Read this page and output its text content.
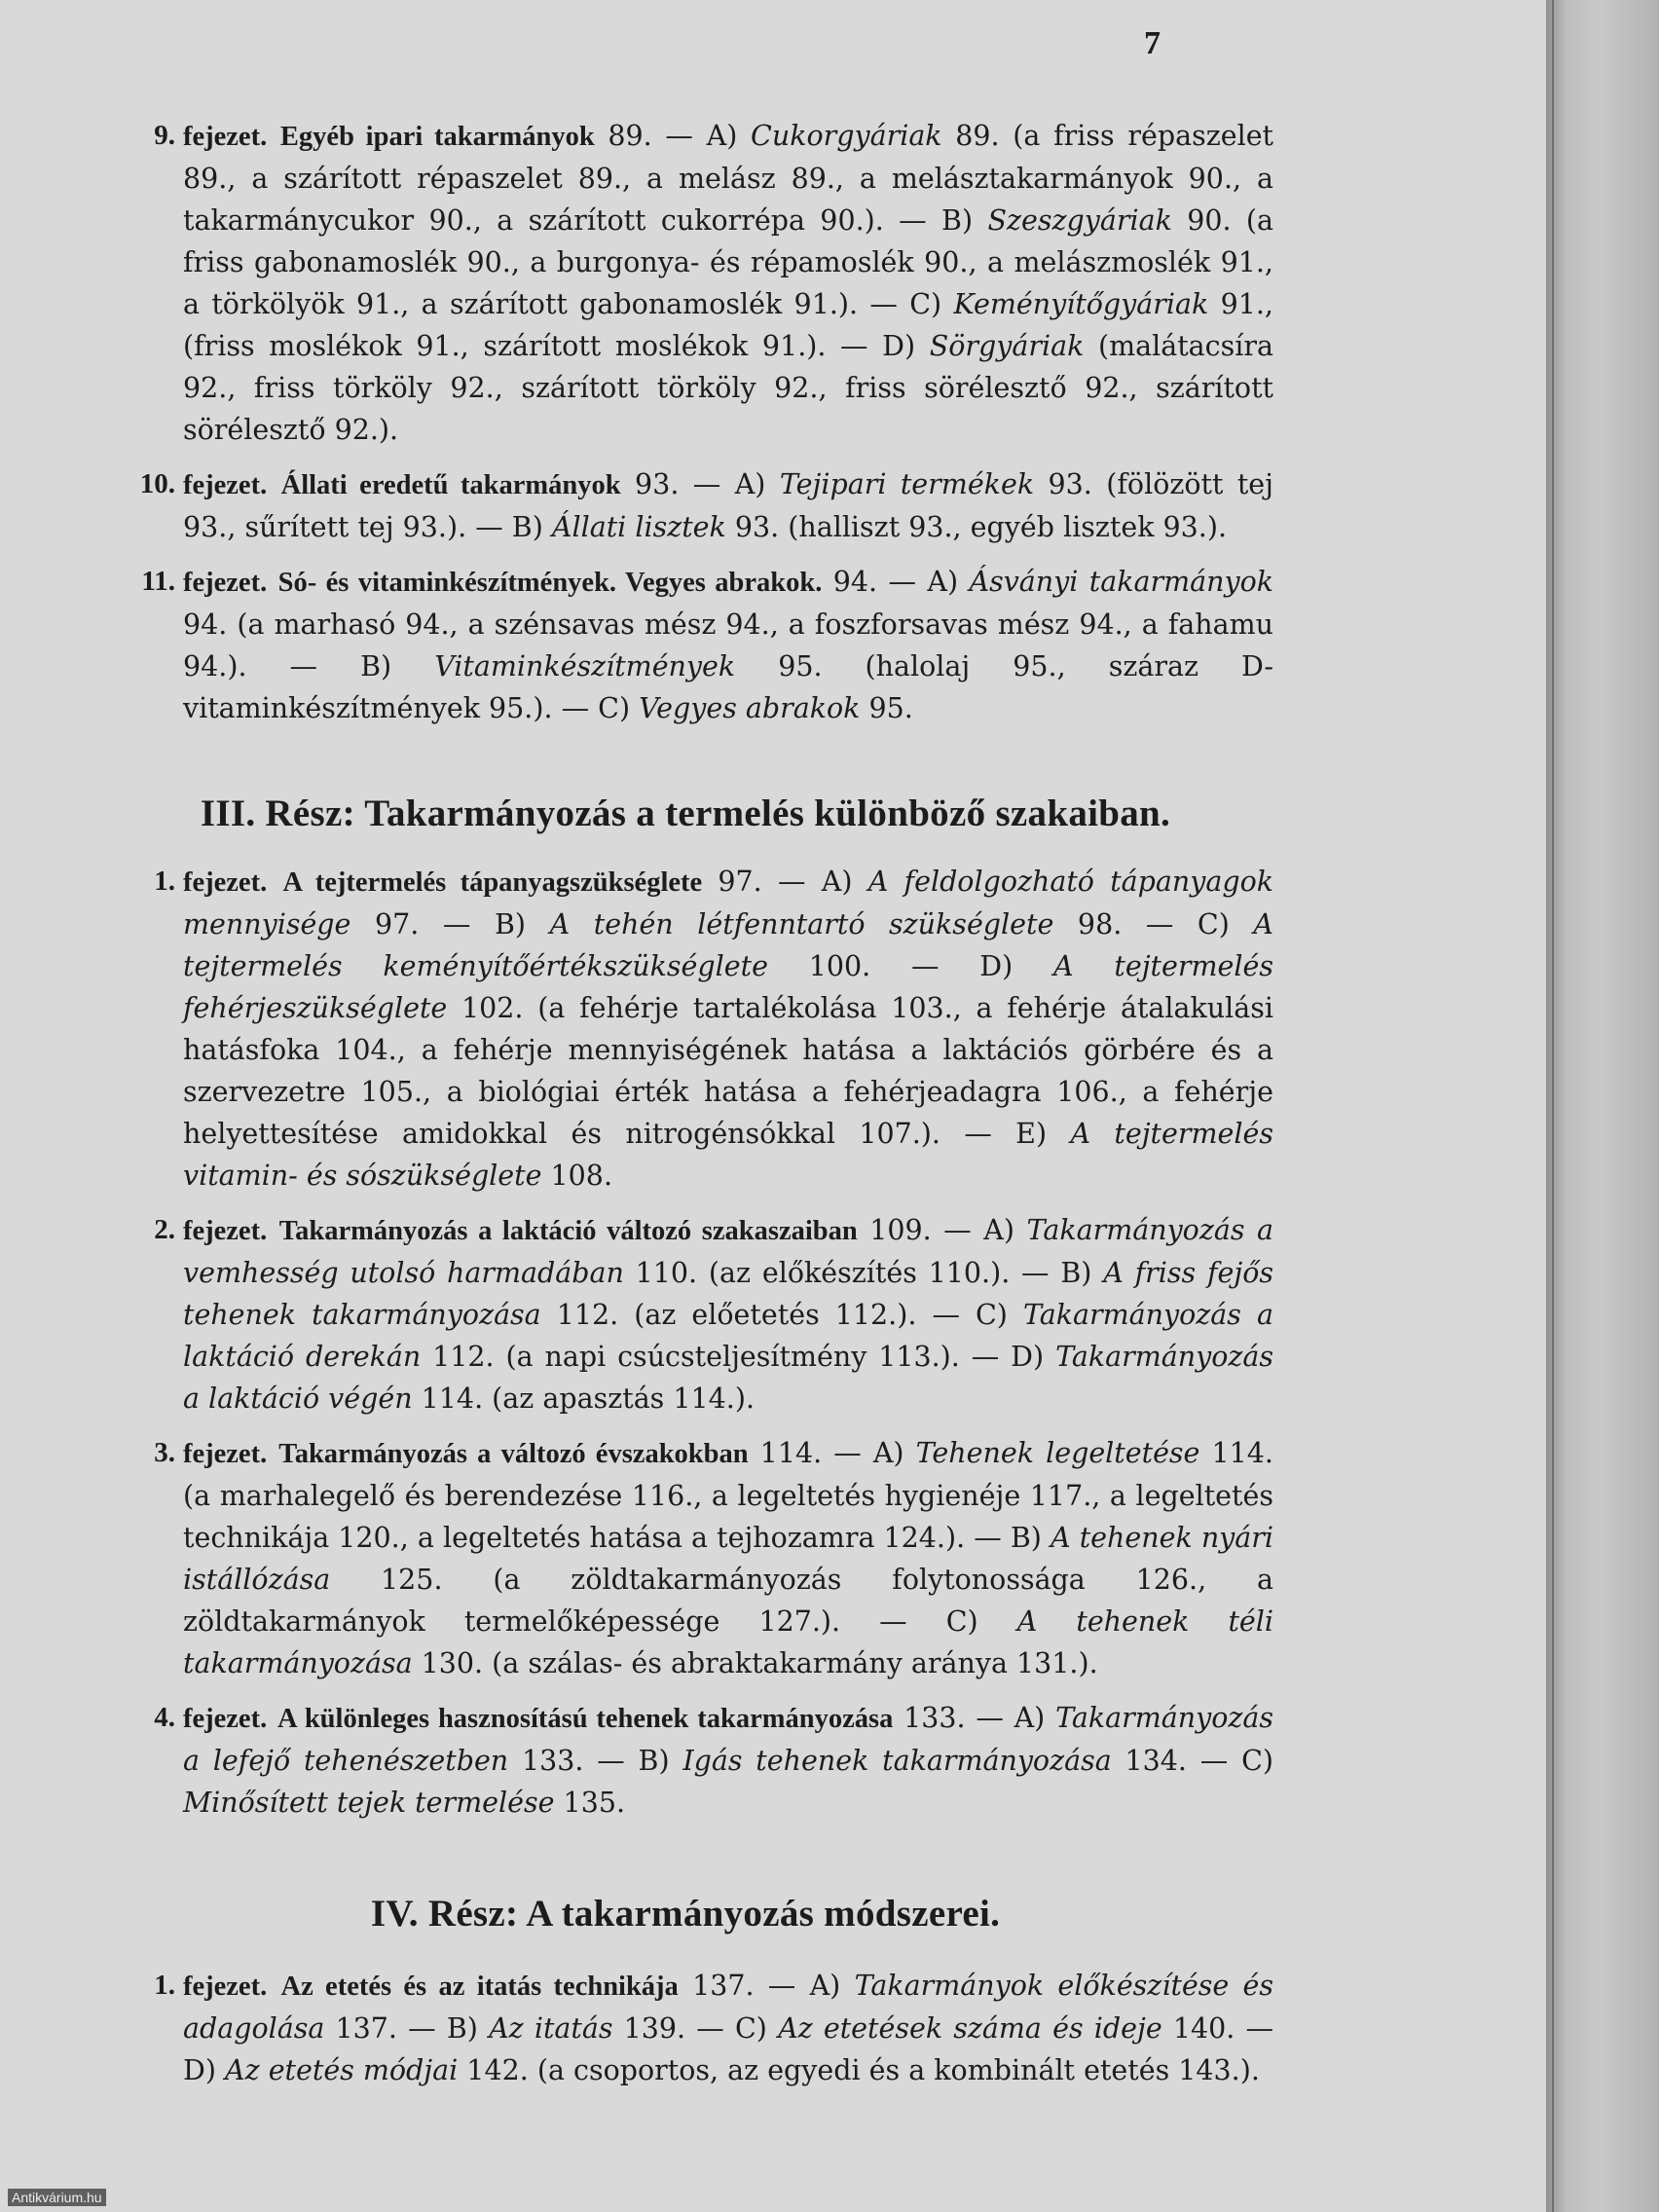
7
9. fejezet. Egyéb ipari takarmányok 89. — A) Cukorgyáriak 89. (a friss répaszelet 89., a szárított répaszelet 89., a melász 89., a melásztakarmányok 90., a takarmánycukor 90., a szárított cukorrépa 90.). — B) Szeszgyáriak 90. (a friss gabonamoslék 90., a burgonya- és répamoslék 90., a melászmoslék 91., a törkölyök 91., a szárított gabonamoslék 91.). — C) Keményítőgyáriak 91., (friss moslékok 91., szárított moslékok 91.). — D) Sörgyáriak (malátacsíra 92., friss törköly 92., szárított törköly 92., friss sörélesztő 92., szárított sörélesztő 92.).
10. fejezet. Állati eredetű takarmányok 93. — A) Tejipari termékek 93. (fölözött tej 93., sűrített tej 93.). — B) Állati lisztek 93. (halliszt 93., egyéb lisztek 93.).
11. fejezet. Só- és vitaminkészítmények. Vegyes abrakok. 94. — A) Ásványi takarmányok 94. (a marhasó 94., a szénsavas mész 94., a foszforsavas mész 94., a fahamu 94.). — B) Vitaminkészítmények 95. (halolaj 95., száraz D-vitaminkészítmények 95.). — C) Vegyes abrakok 95.
III. Rész: Takarmányozás a termelés különböző szakaiban.
1. fejezet. A tejtermelés tápanyagszükséglete 97. — A) A feldolgozható tápanyagok mennyisége 97. — B) A tehén létfenntartó szükséglete 98. — C) A tejtermelés keményítőértékszükséglete 100. — D) A tejtermelés fehérjeszükséglete 102. (a fehérje tartalékolása 103., a fehérje átalakulási hatásfoka 104., a fehérje mennyiségének hatása a laktációs görbére és a szervezetre 105., a biológiai érték hatása a fehérjeadagra 106., a fehérje helyettesítése amidokkal és nitrogénsókkal 107.). — E) A tejtermelés vitamin- és sószükséglete 108.
2. fejezet. Takarmányozás a laktáció változó szakaszaiban 109. — A) Takarmányozás a vemhesség utolsó harmadában 110. (az előkészítés 110.). — B) A friss fejős tehenek takarmányozása 112. (az előetetés 112.). — C) Takarmányozás a laktáció derekán 112. (a napi csúcsteljesítmény 113.). — D) Takarmányozás a laktáció végén 114. (az apasztás 114.).
3. fejezet. Takarmányozás a változó évszakokban 114. — A) Tehenek legeltetése 114. (a marhalegelő és berendezése 116., a legeltetés hygienéje 117., a legeltetés technikája 120., a legeltetés hatása a tejhozamra 124.). — B) A tehenek nyári istállózása 125. (a zöldtakarmányozás folytonossága 126., a zöldtakarmányok termelőképessége 127.). — C) A tehenek téli takarmányozása 130. (a szálas- és abraktakarmány aránya 131.).
4. fejezet. A különleges hasznosítású tehenek takarmányozása 133. — A) Takarmányozás a lefejő tehenészetben 133. — B) Igás tehenek takarmányozása 134. — C) Minősített tejek termelése 135.
IV. Rész: A takarmányozás módszerei.
1. fejezet. Az etetés és az itatás technikája 137. — A) Takarmányok előkészítése és adagolása 137. — B) Az itatás 139. — C) Az etetések száma és ideje 140. — D) Az etetés módjai 142. (a csoportos, az egyedi és a kombinált etetés 143.).
Antikvárium.hu
